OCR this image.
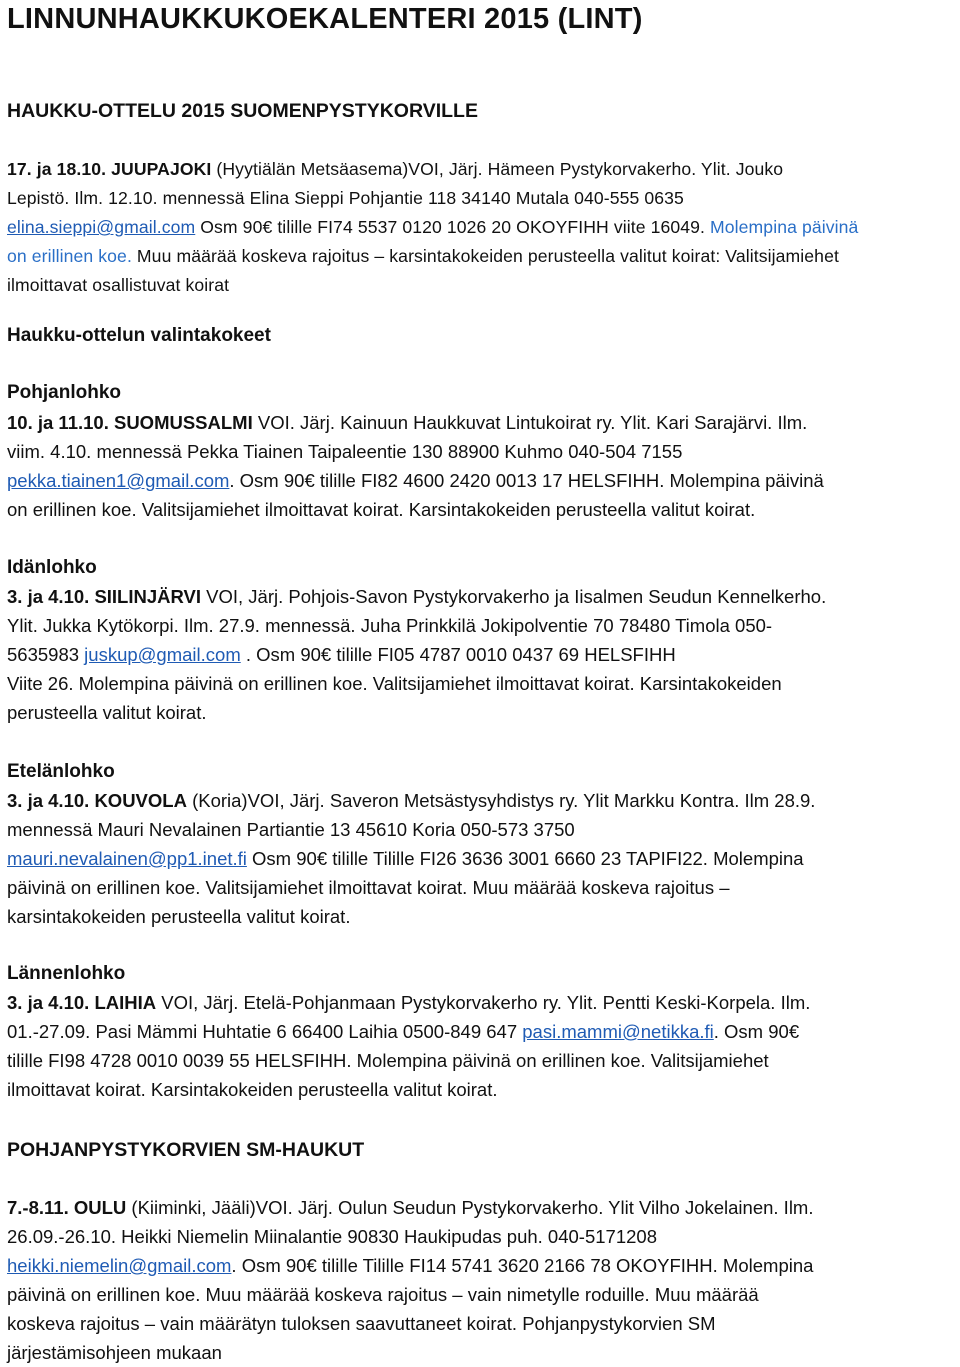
LINNUNHAUKKUKOEKALENTERI 2015 (LINT)
HAUKKU-OTTELU 2015 SUOMENPYSTYKORVILLE
17. ja 18.10. JUUPAJOKI (Hyytiälän Metsäasema)VOI, Järj. Hämeen Pystykorvakerho. Ylit. Jouko
Lepistö. Ilm. 12.10. mennessä Elina Sieppi Pohjantie 118 34140 Mutala 040-555 0635
elina.sieppi@gmail.com Osm 90€ tilille FI74 5537 0120 1026 20 OKOYFIHH viite 16049. Molempina päivinä
on erillinen koe. Muu määrää koskeva rajoitus – karsintakokeiden perusteella valitut koirat: Valitsijamiehet
ilmoittavat osallistuvat koirat
Haukku-ottelun valintakokeet
Pohjanlohko
10. ja 11.10. SUOMUSSALMI VOI. Järj. Kainuun Haukkuvat Lintukoirat ry. Ylit. Kari Sarajärvi. Ilm.
viim. 4.10. mennessä Pekka Tiainen Taipaleentie 130 88900 Kuhmo 040-504 7155
pekka.tiainen1@gmail.com. Osm 90€ tilille FI82 4600 2420 0013 17 HELSFIHH. Molempina päivinä
on erillinen koe. Valitsijamiehet ilmoittavat koirat. Karsintakokeiden perusteella valitut koirat.
Idänlohko
3. ja 4.10. SIILINJÄRVI VOI, Järj. Pohjois-Savon Pystykorvakerho ja Iisalmen Seudun Kennelkerho.
Ylit. Jukka Kytökorpi. Ilm. 27.9. mennessä. Juha Prinkkilä Jokipolventie 70 78480 Timola 050-
5635983 juskup@gmail.com . Osm 90€ tilille FI05 4787 0010 0437 69 HELSFIHH
Viite 26. Molempina päivinä on erillinen koe. Valitsijamiehet ilmoittavat koirat. Karsintakokeiden
perusteella valitut koirat.
Etelänlohko
3. ja 4.10. KOUVOLA (Koria)VOI, Järj. Saveron Metsästysyhdistys ry. Ylit Markku Kontra. Ilm 28.9.
mennessä Mauri Nevalainen Partiantie 13 45610 Koria 050-573 3750
mauri.nevalainen@pp1.inet.fi Osm 90€ tilille Tilille FI26 3636 3001 6660 23 TAPIFI22. Molempina
päivinä on erillinen koe. Valitsijamiehet ilmoittavat koirat. Muu määrää koskeva rajoitus –
karsintakokeiden perusteella valitut koirat.
Lännenlohko
3. ja 4.10. LAIHIA VOI, Järj. Etelä-Pohjanmaan Pystykorvakerho ry. Ylit. Pentti Keski-Korpela. Ilm.
01.-27.09. Pasi Mämmi Huhtatie 6 66400 Laihia 0500-849 647 pasi.mammi@netikka.fi. Osm 90€
tilille FI98 4728 0010 0039 55 HELSFIHH. Molempina päivinä on erillinen koe. Valitsijamiehet
ilmoittavat koirat. Karsintakokeiden perusteella valitut koirat.
POHJANPYSTYKORVIEN SM-HAUKUT
7.-8.11. OULU (Kiiminki, Jääli)VOI. Järj. Oulun Seudun Pystykorvakerho. Ylit Vilho Jokelainen. Ilm.
26.09.-26.10. Heikki Niemelin Miinalantie 90830 Haukipudas puh. 040-5171208
heikki.niemelin@gmail.com. Osm 90€ tilille Tilille FI14 5741 3620 2166 78 OKOYFIHH. Molempina
päivinä on erillinen koe. Muu määrää koskeva rajoitus – vain nimetylle roduille. Muu määrää
koskeva rajoitus – vain määrätyn tuloksen saavuttaneet koirat. Pohjanpystykorvien SM
järjestämisohjeen mukaan
